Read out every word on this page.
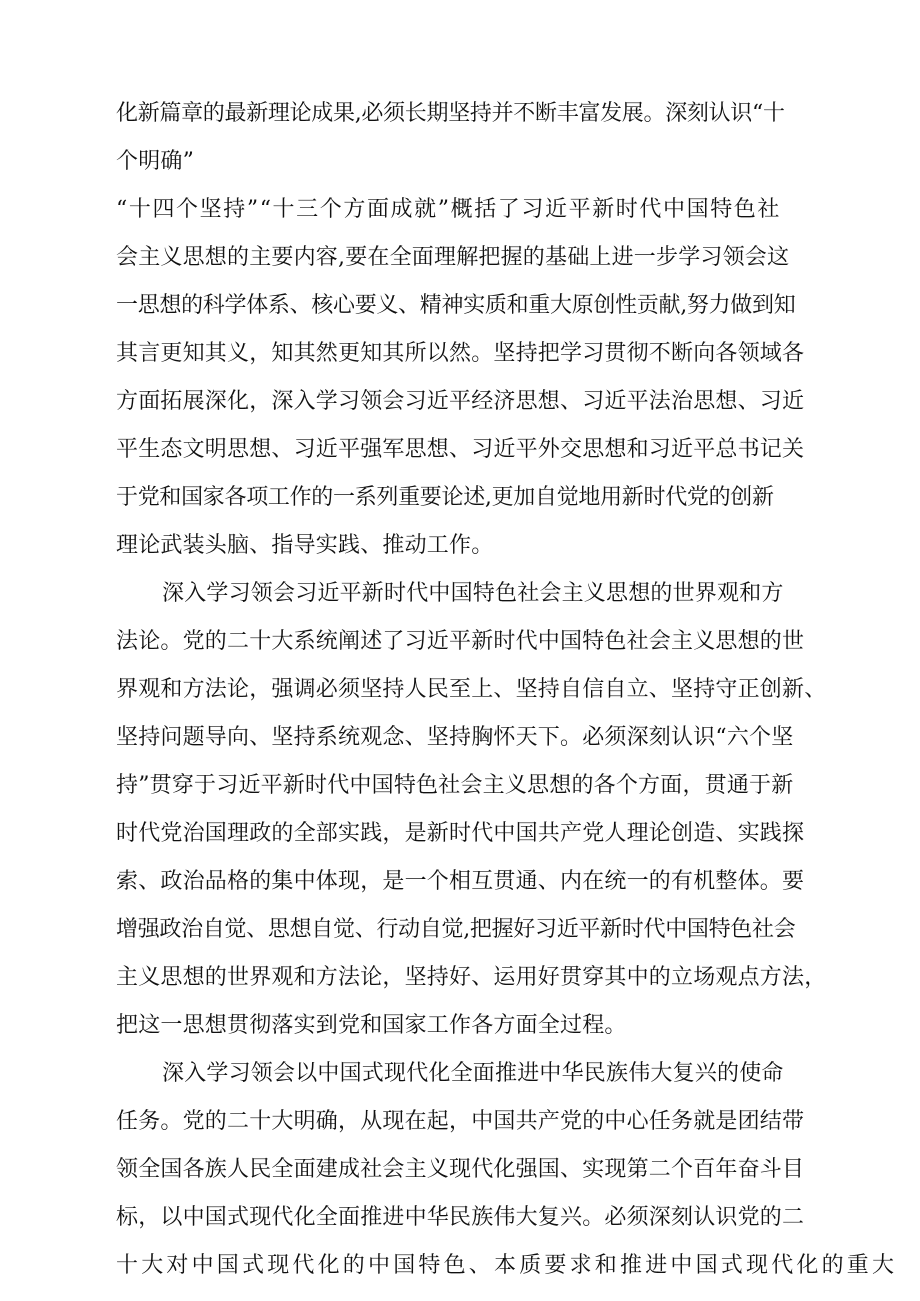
化新篇章的最新理论成果,必须长期坚持并不断丰富发展。深刻认识“十
个明确”
“十四个坚持”“十三个方面成就”概括了习近平新时代中国特色社
会主义思想的主要内容,要在全面理解把握的基础上进一步学习领会这
一思想的科学体系、核心要义、精神实质和重大原创性贡献,努力做到知
其言更知其义，知其然更知其所以然。坚持把学习贯彻不断向各领域各
方面拓展深化，深入学习领会习近平经济思想、习近平法治思想、习近
平生态文明思想、习近平强军思想、习近平外交思想和习近平总书记关
于党和国家各项工作的一系列重要论述,更加自觉地用新时代党的创新
理论武装头脑、指导实践、推动工作。
深入学习领会习近平新时代中国特色社会主义思想的世界观和方
法论。党的二十大系统阐述了习近平新时代中国特色社会主义思想的世
界观和方法论，强调必须坚持人民至上、坚持自信自立、坚持守正创新、
坚持问题导向、坚持系统观念、坚持胸怀天下。必须深刻认识“六个坚
持”贯穿于习近平新时代中国特色社会主义思想的各个方面，贯通于新
时代党治国理政的全部实践，是新时代中国共产党人理论创造、实践探
索、政治品格的集中体现，是一个相互贯通、内在统一的有机整体。要
增强政治自觉、思想自觉、行动自觉,把握好习近平新时代中国特色社会
主义思想的世界观和方法论，坚持好、运用好贯穿其中的立场观点方法，
把这一思想贯彻落实到党和国家工作各方面全过程。
深入学习领会以中国式现代化全面推进中华民族伟大复兴的使命
任务。党的二十大明确，从现在起，中国共产党的中心任务就是团结带
领全国各族人民全面建成社会主义现代化强国、实现第二个百年奋斗目
标，以中国式现代化全面推进中华民族伟大复兴。必须深刻认识党的二
十大对中国式现代化的中国特色、本质要求和推进中国式现代化的重大
